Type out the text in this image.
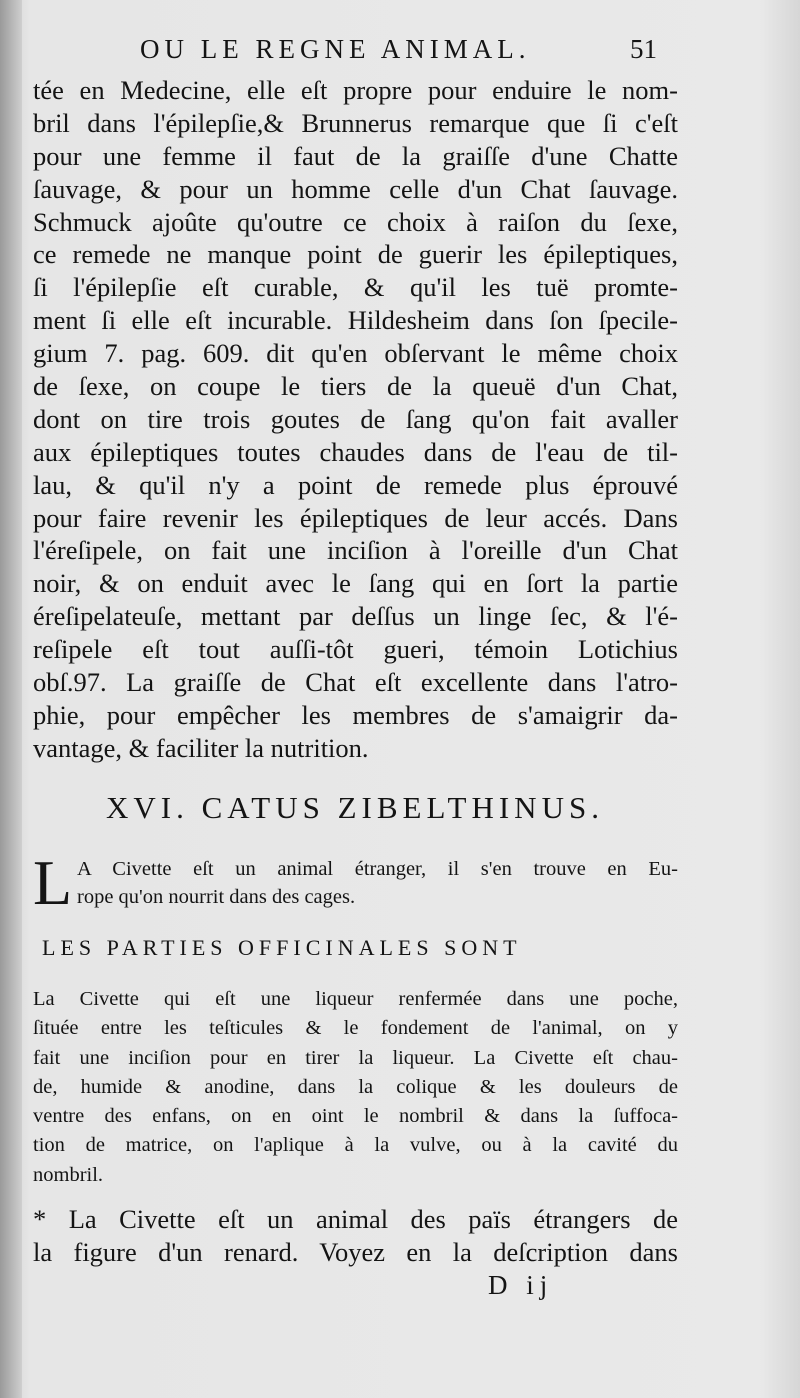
OU LE REGNE ANIMAL.	51
tée en Medecine, elle eſt propre pour enduire le nom-
bril dans l'épilepſie,& Brunnerus remarque que ſi c'eſt
pour une femme il faut de la graiſſe d'une Chatte
ſauvage, & pour un homme celle d'un Chat ſauvage.
Schmuck ajoûte qu'outre ce choix à raiſon du ſexe,
ce remede ne manque point de guerir les épileptiques,
ſi l'épilepſie eſt curable, & qu'il les tuë promte-
ment ſi elle eſt incurable. Hildesheim dans ſon ſpecile-
gium 7. pag. 609. dit qu'en obſervant le même choix
de ſexe, on coupe le tiers de la queuë d'un Chat,
dont on tire trois goutes de ſang qu'on fait avaller
aux épileptiques toutes chaudes dans de l'eau de til-
lau, & qu'il n'y a point de remede plus éprouvé
pour faire revenir les épileptiques de leur accés. Dans
l'éreſipele, on fait une inciſion à l'oreille d'un Chat
noir, & on enduit avec le ſang qui en ſort la partie
éreſipelateuſe, mettant par deſſus un linge ſec, & l'é-
reſipele eſt tout auſſi-tôt gueri, témoin Lotichius
obſ.97. La graiſſe de Chat eſt excellente dans l'atro-
phie, pour empêcher les membres de s'amaigrir da-
vantage, & faciliter la nutrition.
XVI. CATUS ZIBELTHINUS.
L A Civette eſt un animal étranger, il s'en trouve en Eu-
rope qu'on nourrit dans des cages.
LES PARTIES OFFICINALES SONT
La Civette qui eſt une liqueur renfermée dans une poche,
ſituée entre les teſticules & le fondement de l'animal, on y
fait une inciſion pour en tirer la liqueur. La Civette eſt chau-
de, humide & anodine, dans la colique & les douleurs de
ventre des enfans, on en oint le nombril & dans la ſuffoca-
tion de matrice, on l'aplique à la vulve, ou à la cavité du
nombril.
* La Civette eſt un animal des païs étrangers de
la figure d'un renard. Voyez en la deſcription dans
D ij
